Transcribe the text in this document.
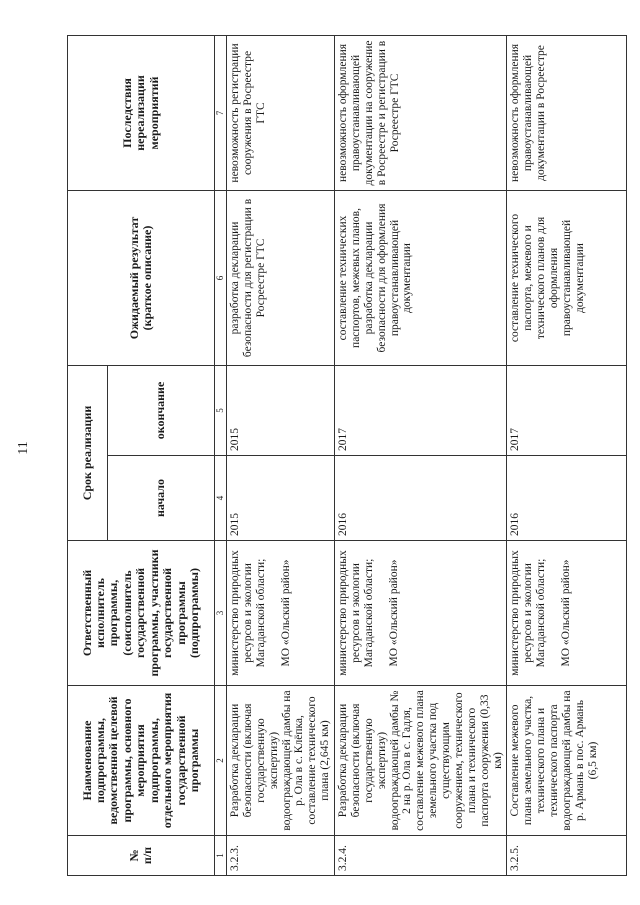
11
№
п/п	Наименование подпрограммы, ведомственной целевой программы, основного мероприятия подпрограммы, отдельного мероприятия государственной программы	Ответственный исполнитель программы, (соисполнитель государственной программы, участники государственной программы (подпрограммы)	Срок реализации		Ожидаемый результат (краткое описание)	Последствия нереализации мероприятий
			начало	окончание		
1	2	3	4	5	6	7
3.2.3.	Разработка декларации безопасности (включая государственную экспертизу) водоограждающей дамбы на р. Ола в с. Клёпка, составление технического плана (2,645 км)	министерство природных ресурсов и экологии Магаданской области; МО «Ольский район»	2015	2015	разработка декларации безопасности для регистрации в Росреестре ГТС	невозможность регистрации сооружения в Росреестре ГТС
3.2.4.	Разработка декларации безопасности (включая государственную экспертизу) водоограждающей дамбы № 2 на р. Ола в с. Гадля, составление межевого плана земельного участка под существующим сооружением, технического плана и технического паспорта сооружения (0,33 км)	министерство природных ресурсов и экологии Магаданской области; МО «Ольский район»	2016	2017	составление технических паспортов, межевых планов, разработка декларации безопасности для оформления правоустанавливающей документации	невозможность оформления правоустанавливающей документации на сооружение в Росреестре и регистрации в Росреестре ГТС
3.2.5.	Составление межевого плана земельного участка, технического плана и технического паспорта водоограждающей дамбы на р. Армань в пос. Армань (6,5 км)	министерство природных ресурсов и экологии Магаданской области; МО «Ольский район»	2016	2017	составление технического паспорта, межевого и технического планов для оформления правоустанавливающей документации	невозможность оформления правоустанавливающей документации в Росреестре
